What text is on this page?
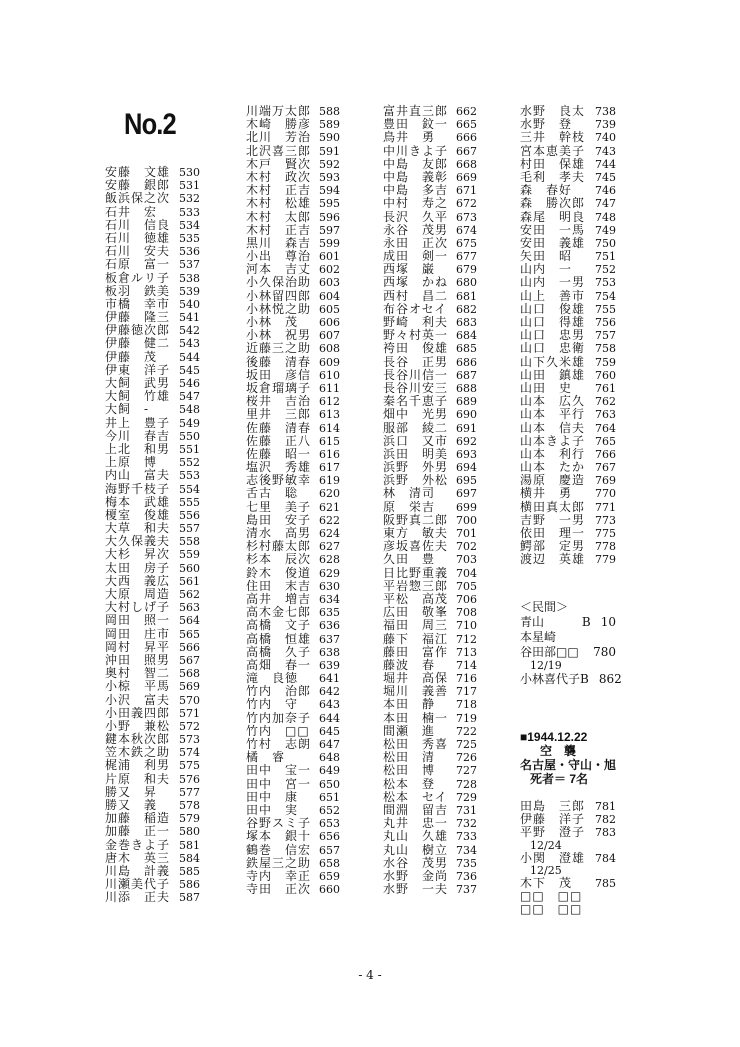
No.2
安藤　文雄 530
安藤　銀郎 531
飯浜保之次 532
石井　宏 533
石川　信良 534
石川　徳雄 535
石川　安夫 536
石原　富一 537
板倉ルリ子 538
板羽　鉄美 539
市橋　幸市 540
伊藤　隆三 541
伊藤徳次郎 542
伊藤　健二 543
伊藤　茂 544
伊東　洋子 545
大飼　武男 546
大飼　竹雄 547
大飼　-	548
井上　豊子 549
今川　春吉 550
上北　和男 551
上原　博 552
内山　富夫 553
海野千枝子 554
梅本　武雄 555
榎室　俊雄 556
大草　和夫 557
大久保義夫 558
大杉　昇次 559
太田　房子 560
大西　義広 561
大原　周造 562
大村しげ子 563
岡田　照一 564
岡田　庄市 565
岡村　昇平 566
沖田　照男 567
奥村　智二 568
小椋　平馬 569
小沢　富夫 570
小田義四郎 571
小野　兼松 572
鍵本秋次郎 573
笠木鉄之助 574
梶浦　利男 575
片原　和夫 576
勝又　昇 577
勝又　義 578
加藤　稲造 579
加藤　正一 580
金巻きよ子 581
唐木　英三 584
川島　計義 585
川瀬美代子 586
川添　正夫 587
川端万太郎 588
木崎　勝彦 589
北川　芳治 590
北沢喜三郎 591
木戸　賢次 592
木村　政次 593
木村　正吉 594
木村　松雄 595
木村　太郎 596
木村　正吉 597
黒川　森吉 599
小出　尊治 601
河本　吉丈 602
小久保治助 603
小林留四郎 604
小林悦之助 605
小林　茂 606
小林　祝男 607
近藤三之助 608
後藤　清春 609
坂田　彦信 610
坂倉瑠璃子 611
桜井　吉治 612
里井　三郎 613
佐藤　清春 614
佐藤　正八 615
佐藤　昭一 616
塩沢　秀雄 617
志後野敏幸 619
舌古　聡 620
七里　美子 621
島田　安子 622
清水　高男 624
杉村藤太郎 627
杉本　辰次 628
鈴木　俊道 629
住田　末吉 630
高井　増吉 634
高木金七郎 635
高橋　文子 636
高橋　恒雄 637
高橋　久子 638
高畑　春一 639
滝　良徳 641
竹内　治郎 642
竹内　守 643
竹内加奈子 644
竹内　□□ 645
竹村　志朗 647
橘　睿	648
田中　宝一 649
田中　宮一 650
田中　康 651
田中　実 652
谷野スミ子 653
塚本　銀十 656
鶴巻　信宏 657
鉄屋三之助 658
寺内　幸正 659
寺田　正次 660
富井直三郎 662
豊田　鈫一 665
鳥井　勇 666
中川きよ子 667
中島　友郎 668
中島　義彰 669
中島　多吉 671
中村　寿之 672
長沢　久平 673
永谷　茂男 674
永田　正次 675
成田　剣一 677
西塚　巌 679
西塚　かね 680
西村　昌二 681
布谷オセイ 682
野崎　利夫 683
野々村英一 684
袴田　俊雄 685
長谷　正男 686
長谷川信一 687
長谷川安三 688
秦名千恵子 689
畑中　光男 690
服部　綾二 691
浜口　又市 692
浜田　明美 693
浜野　外男 694
浜野　外松 695
林　清司 697
原　栄吉 699
阪野真二郎 700
東方　敏夫 701
彦坂喜佐夫 702
久田　豊 703
日比野重義 704
平岩惣三郎 705
平松　高茂 706
広田　敬峯 708
福田　周三 710
藤下　福江 712
藤田　富作 713
藤波　春 714
堀井　高保 716
堀川　義善 717
本田　静 718
本田　楠一 719
間瀬　進 722
松田　秀喜 725
松田　清 726
松田　博 727
松本　登 728
松本　セイ 729
間淵　留吉 731
丸井　忠一 732
丸山　久雄 733
丸山　樹立 734
水谷　茂男 735
水野　金尚 736
水野　一夫 737
水野　良太 738
水野　登 739
三井　幹枝 740
宮本恵美子 743
村田　保雄 744
毛利　孝夫 745
森　春好 746
森　勝次郎 747
森尾　明良 748
安田　一馬 749
安田　義雄 750
矢田　昭 751
山内　一 752
山内　一男 753
山上　善市 754
山口　俊雄 755
山口　得雄 756
山口　忠男 757
山口　忠衛 758
山下久米雄 759
山田　鎮雄 760
山田　史 761
山本　広久 762
山本　平行 763
山本　信夫 764
山本きよ子 765
山本　利行 766
山本　たか 767
湯原　慶造 769
横井　勇 770
横田真太郎 771
吉野　一男 773
依田　理一 775
鰐部　定男 778
渡辺　英雄 779
＜民間＞
青山	B 10
本星崎
谷田部□□	780
12/19
小林喜代子 B 862
■1944.12.22
空　襲
名古屋・守山・旭
死者＝ 7名
田島　三郎 781
伊藤　洋子 782
平野　澄子 783
12/24
小関　澄雄 784
12/25
木下　茂 785
□□　□□
□□　□□
- 4 -
